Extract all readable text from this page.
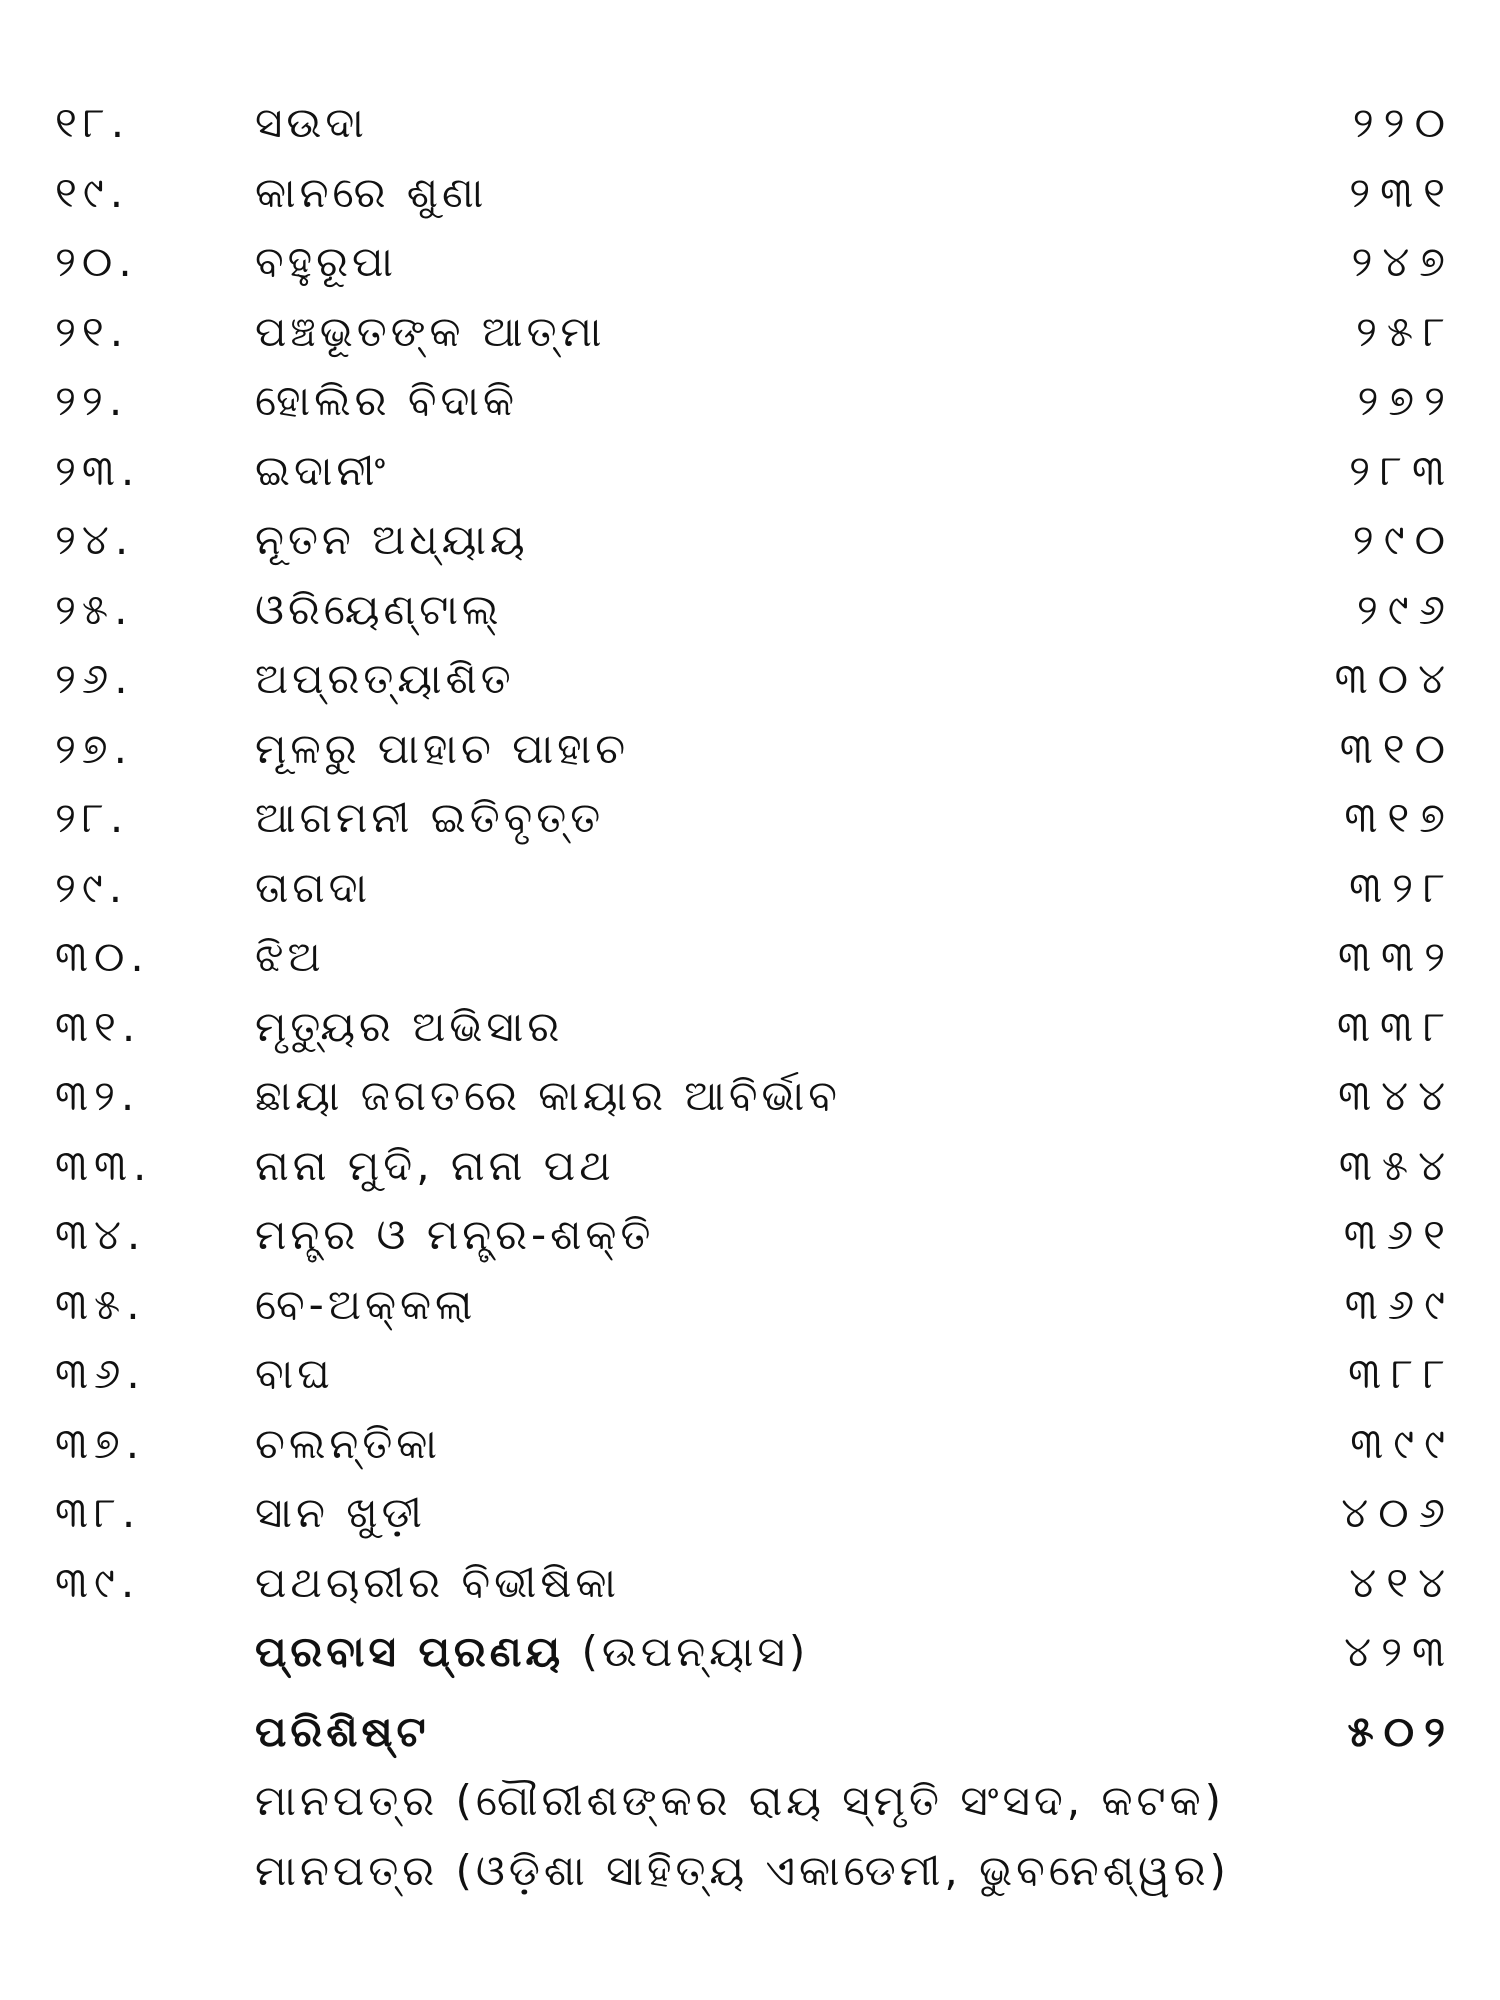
୧୮.	ସଉଦା	୨୨୦
୧୯.	କାନରେ ଶୁଣା	୨୩୧
୨୦.	ବହୁରୂପା	୨୪୭
୨୧.	ପଞ୍ଚଭୂତଙ୍କ ଆତ୍ମା	୨୫୮
୨୨.	ହୋଲିର ବିଦାକି	୨୭୨
୨୩.	ଇଦାନୀଂ	୨୮୩
୨୪.	ନୂତନ ଅଧ୍ୟାୟ	୨୯୦
୨୫.	ଓରିୟେଣ୍ଟାଲ୍	୨୯୬
୨୬.	ଅପ୍ରତ୍ୟାଶିତ	୩୦୪
୨୭.	ମୂଳରୁ ପାହାଚ ପାହାଚ	୩୧୦
୨୮.	ଆଗମନୀ ଇତିବୃତ୍ତ	୩୧୭
୨୯.	ତାଗଦା	୩୨୮
୩୦.	ଝିଅ	୩୩୨
୩୧.	ମୃତ୍ୟୁର ଅଭିସାର	୩୩୮
୩୨.	ଛାୟା ଜଗତରେ କାୟାର ଆବିର୍ଭାବ	୩୪୪
୩୩.	ନାନା ମୁଦି, ନାନା ପଥ	୩୫୪
୩୪.	ମନ୍ତ୍ର ଓ ମନ୍ତ୍ର-ଶକ୍ତି	୩୬୧
୩୫.	ବେ-ଅକ୍‌କଲା	୩୬୯
୩୬.	ବାଘ	୩୮୮
୩୭.	ଚଲନ୍ତିକା	୩୯୯
୩୮.	ସାନ ଖୁଡ଼ୀ	୪୦୬
୩୯.	ପଥଚାରୀର ବିଭୀଷିକା	୪୧୪
ପ୍ରବାସ ପ୍ରଣୟ (ଉପନ୍ୟାସ)	୪୨୩
ପରିଶିଷ୍ଟ	୫୦୨
ମାନପତ୍ର (ଗୌରୀଶଙ୍କର ରାୟ ସ୍ମୃତି ସଂସଦ, କଟକ)
ମାନପତ୍ର (ଓଡ଼ିଶା ସାହିତ୍ୟ ଏକାଡେମୀ, ଭୁବନେଶ୍ୱର)
